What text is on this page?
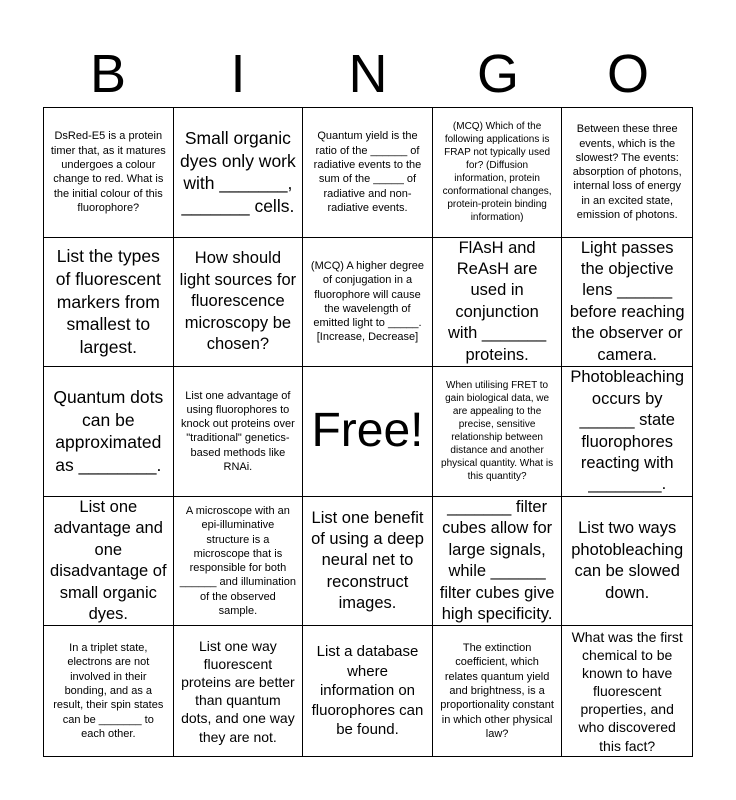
B	I	N	G	O
DsRed-E5 is a protein timer that, as it matures undergoes a colour change to red. What is the initial colour of this fluorophore?
Small organic dyes only work with _______, _______ cells.
Quantum yield is the ratio of the ______ of radiative events to the sum of the _____ of radiative and non-radiative events.
(MCQ) Which of the following applications is FRAP not typically used for? (Diffusion information, protein conformational changes, protein-protein binding information)
Between these three events, which is the slowest? The events: absorption of photons, internal loss of energy in an excited state, emission of photons.
List the types of fluorescent markers from smallest to largest.
How should light sources for fluorescence microscopy be chosen?
(MCQ) A higher degree of conjugation in a fluorophore will cause the wavelength of emitted light to _____. [Increase, Decrease]
FlAsH and ReAsH are used in conjunction with _______ proteins.
Light passes the objective lens ______ before reaching the observer or camera.
Quantum dots can be approximated as ________.
List one advantage of using fluorophores to knock out proteins over "traditional" genetics-based methods like RNAi.
Free!
When utilising FRET to gain biological data, we are appealing to the precise, sensitive relationship between distance and another physical quantity. What is this quantity?
Photobleaching occurs by ______ state fluorophores reacting with ________.
List one advantage and one disadvantage of small organic dyes.
A microscope with an epi-illuminative structure is a microscope that is responsible for both ______ and illumination of the observed sample.
List one benefit of using a deep neural net to reconstruct images.
_______ filter cubes allow for large signals, while ______ filter cubes give high specificity.
List two ways photobleaching can be slowed down.
In a triplet state, electrons are not involved in their bonding, and as a result, their spin states can be _______ to each other.
List one way fluorescent proteins are better than quantum dots, and one way they are not.
List a database where information on fluorophores can be found.
The extinction coefficient, which relates quantum yield and brightness, is a proportionality constant in which other physical law?
What was the first chemical to be known to have fluorescent properties, and who discovered this fact?
